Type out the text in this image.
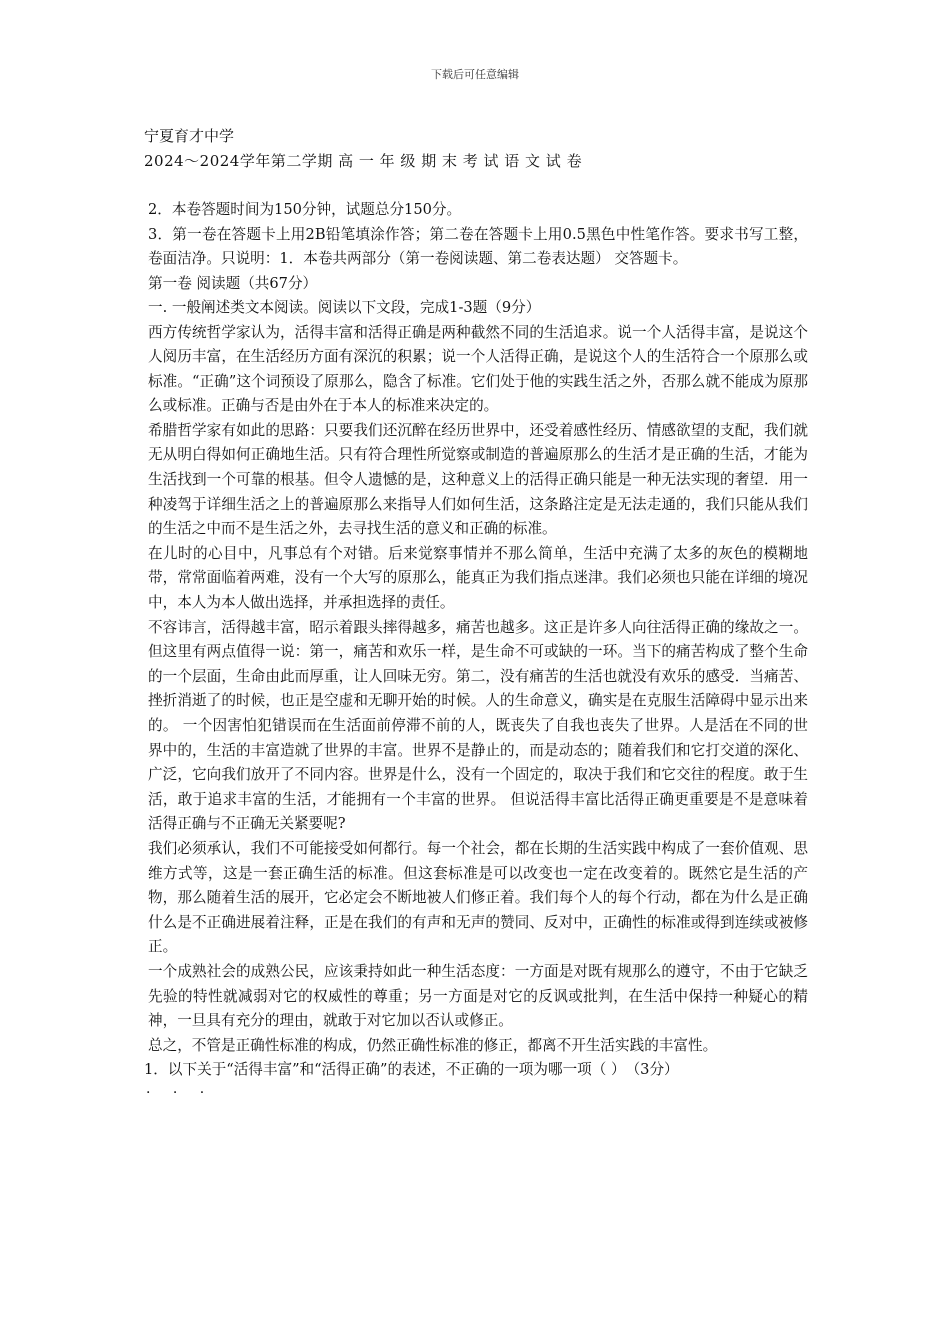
下载后可任意编辑

宁夏育才中学

2024～2024学年第二学期 高 一 年 级 期 末 考 试 语 文 试 卷

2．本卷答题时间为150分钟，试题总分150分。

3．第一卷在答题卡上用2B铅笔填涂作答；第二卷在答题卡上用0.5黑色中性笔作答。要求书写工整，卷面洁净。只说明：1．本卷共两部分（第一卷阅读题、第二卷表达题） 交答题卡。

第一卷 阅读题（共67分）

一. 一般阐述类文本阅读。阅读以下文段，完成1-3题（9分）

西方传统哲学家认为，活得丰富和活得正确是两种截然不同的生活追求。说一个人活得丰富，是说这个人阅历丰富，在生活经历方面有深沉的积累；说一个人活得正确，是说这个人的生活符合一个原那么或标准。“正确”这个词预设了原那么，隐含了标准。它们处于他的实践生活之外，否那么就不能成为原那么或标准。正确与否是由外在于本人的标准来决定的。

希腊哲学家有如此的思路：只要我们还沉醉在经历世界中，还受着感性经历、情感欲望的支配，我们就无从明白得如何正确地生活。只有符合理性所觉察或制造的普遍原那么的生活才是正确的生活，才能为生活找到一个可靠的根基。但令人遗憾的是，这种意义上的活得正确只能是一种无法实现的奢望．用一种凌驾于详细生活之上的普遍原那么来指导人们如何生活，这条路注定是无法走通的，我们只能从我们的生活之中而不是生活之外，去寻找生活的意义和正确的标准。

在儿时的心目中，凡事总有个对错。后来觉察事情并不那么简单，生活中充满了太多的灰色的模糊地带，常常面临着两难，没有一个大写的原那么，能真正为我们指点迷津。我们必须也只能在详细的境况中，本人为本人做出选择，并承担选择的责任。

不容讳言，活得越丰富，昭示着跟头摔得越多，痛苦也越多。这正是许多人向往活得正确的缘故之一。但这里有两点值得一说：第一，痛苦和欢乐一样，是生命不可或缺的一环。当下的痛苦构成了整个生命的一个层面，生命由此而厚重，让人回味无穷。第二，没有痛苦的生活也就没有欢乐的感受．当痛苦、挫折消逝了的时候，也正是空虚和无聊开始的时候。人的生命意义，确实是在克服生活障碍中显示出来的。 一个因害怕犯错误而在生活面前停滞不前的人，既丧失了自我也丧失了世界。人是活在不同的世界中的，生活的丰富造就了世界的丰富。世界不是静止的，而是动态的；随着我们和它打交道的深化、广泛，它向我们放开了不同内容。世界是什么，没有一个固定的，取决于我们和它交往的程度。敢于生活，敢于追求丰富的生活，才能拥有一个丰富的世界。 但说活得丰富比活得正确更重要是不是意味着活得正确与不正确无关紧要呢?

我们必须承认，我们不可能接受如何都行。每一个社会，都在长期的生活实践中构成了一套价值观、思维方式等，这是一套正确生活的标准。但这套标准是可以改变也一定在改变着的。既然它是生活的产物，那么随着生活的展开，它必定会不断地被人们修正着。我们每个人的每个行动，都在为什么是正确什么是不正确进展着注释，正是在我们的有声和无声的赞同、反对中，正确性的标准或得到连续或被修正。

一个成熟社会的成熟公民，应该秉持如此一种生活态度：一方面是对既有规那么的遵守，不由于它缺乏先验的特性就减弱对它的权威性的尊重；另一方面是对它的反讽或批判，在生活中保持一种疑心的精神，一旦具有充分的理由，就敢于对它加以否认或修正。

总之，不管是正确性标准的构成，仍然正确性标准的修正，都离不开生活实践的丰富性。

1．以下关于“活得丰富”和“活得正确”的表述，不正确的一项为哪一项（ ）　（3分）

· · ·
